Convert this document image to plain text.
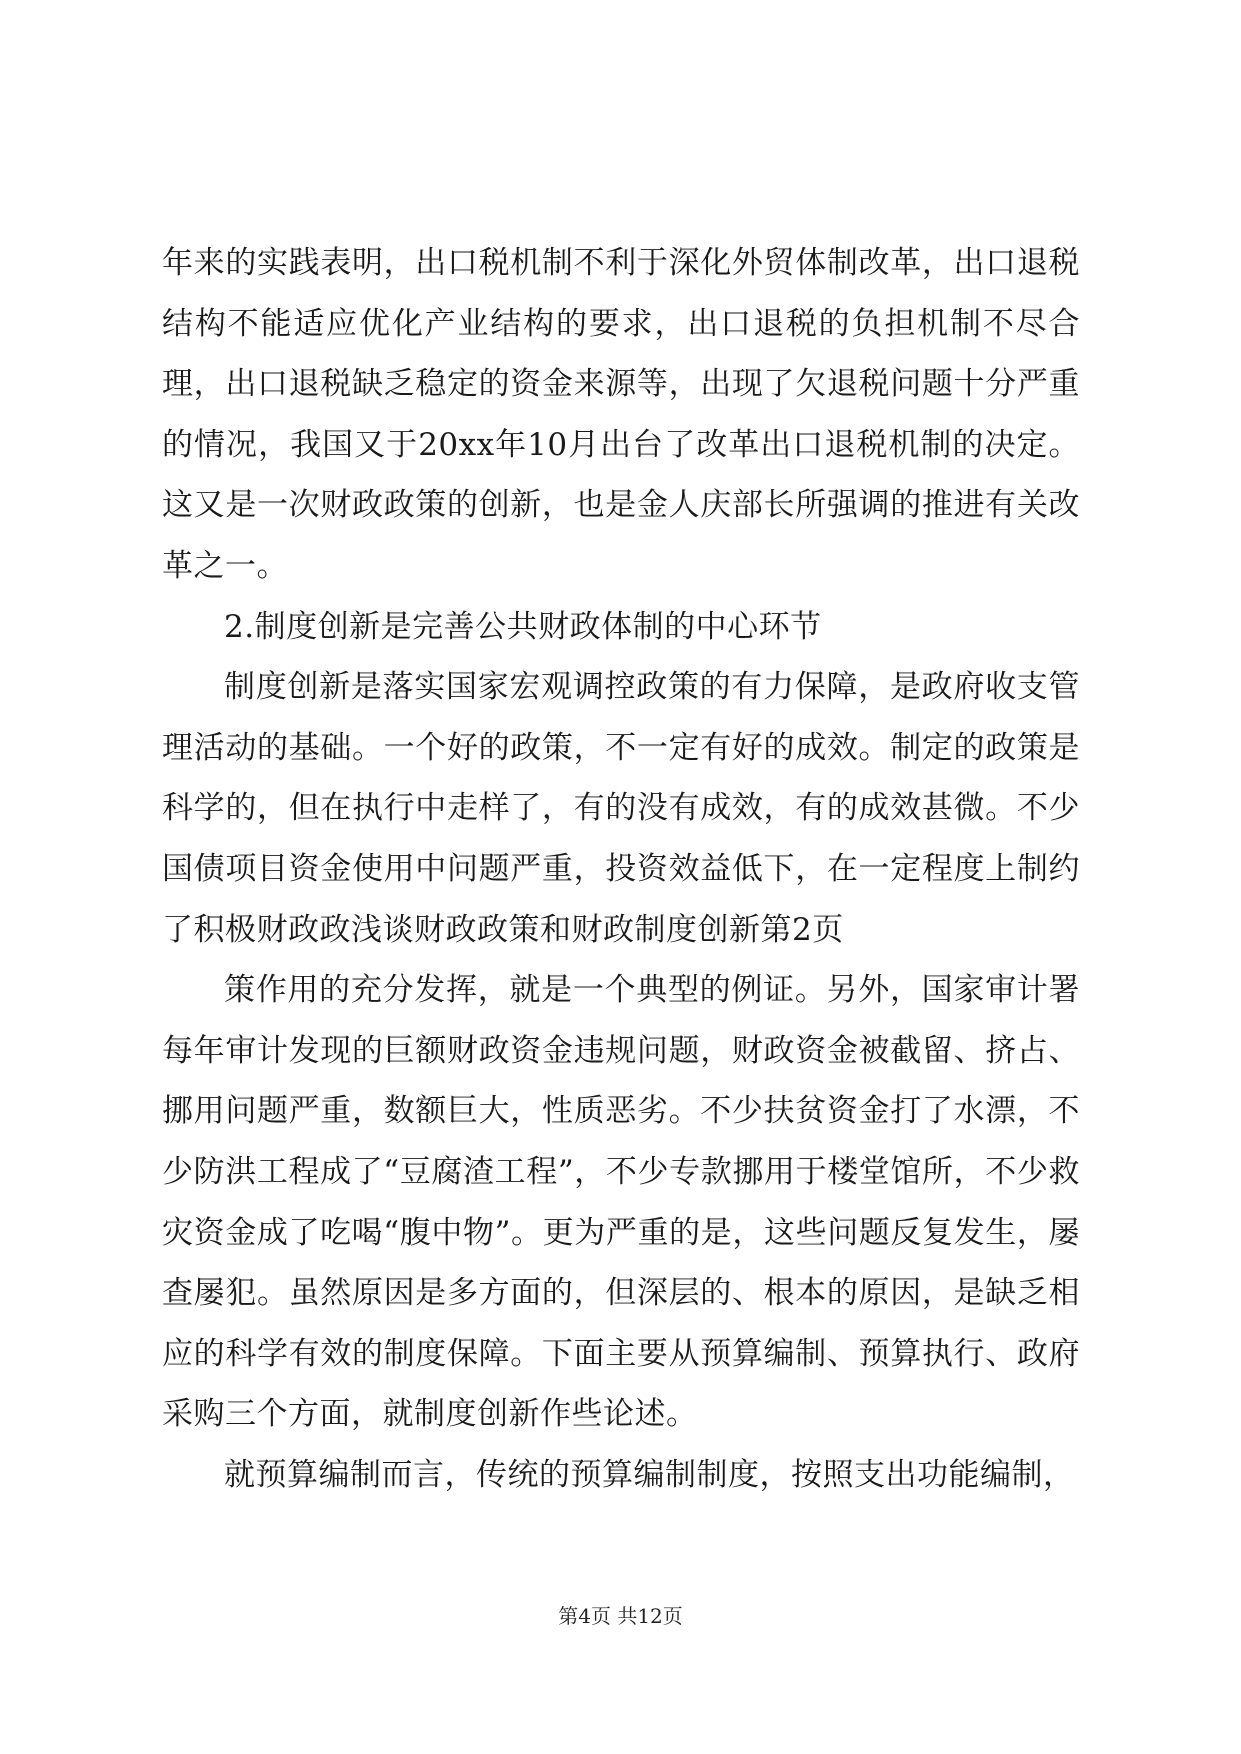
年来的实践表明，出口税机制不利于深化外贸体制改革，出口退税结构不能适应优化产业结构的要求，出口退税的负担机制不尽合理，出口退税缺乏稳定的资金来源等，出现了欠退税问题十分严重的情况，我国又于20xx年10月出台了改革出口退税机制的决定。这又是一次财政政策的创新，也是金人庆部长所强调的推进有关改革之一。

2.制度创新是完善公共财政体制的中心环节

制度创新是落实国家宏观调控政策的有力保障，是政府收支管理活动的基础。一个好的政策，不一定有好的成效。制定的政策是科学的，但在执行中走样了，有的没有成效，有的成效甚微。不少国债项目资金使用中问题严重，投资效益低下，在一定程度上制约了积极财政政浅谈财政政策和财政制度创新第2页

策作用的充分发挥，就是一个典型的例证。另外，国家审计署每年审计发现的巨额财政资金违规问题，财政资金被截留、挤占、挪用问题严重，数额巨大，性质恶劣。不少扶贫资金打了水漂，不少防洪工程成了“豆腐渣工程”，不少专款挪用于楼堂馆所，不少救灾资金成了吃喝“腹中物”。更为严重的是，这些问题反复发生，屡查屡犯。虽然原因是多方面的，但深层的、根本的原因，是缺乏相应的科学有效的制度保障。下面主要从预算编制、预算执行、政府采购三个方面，就制度创新作些论述。

就预算编制而言，传统的预算编制制度，按照支出功能编制，

第4页 共12页
